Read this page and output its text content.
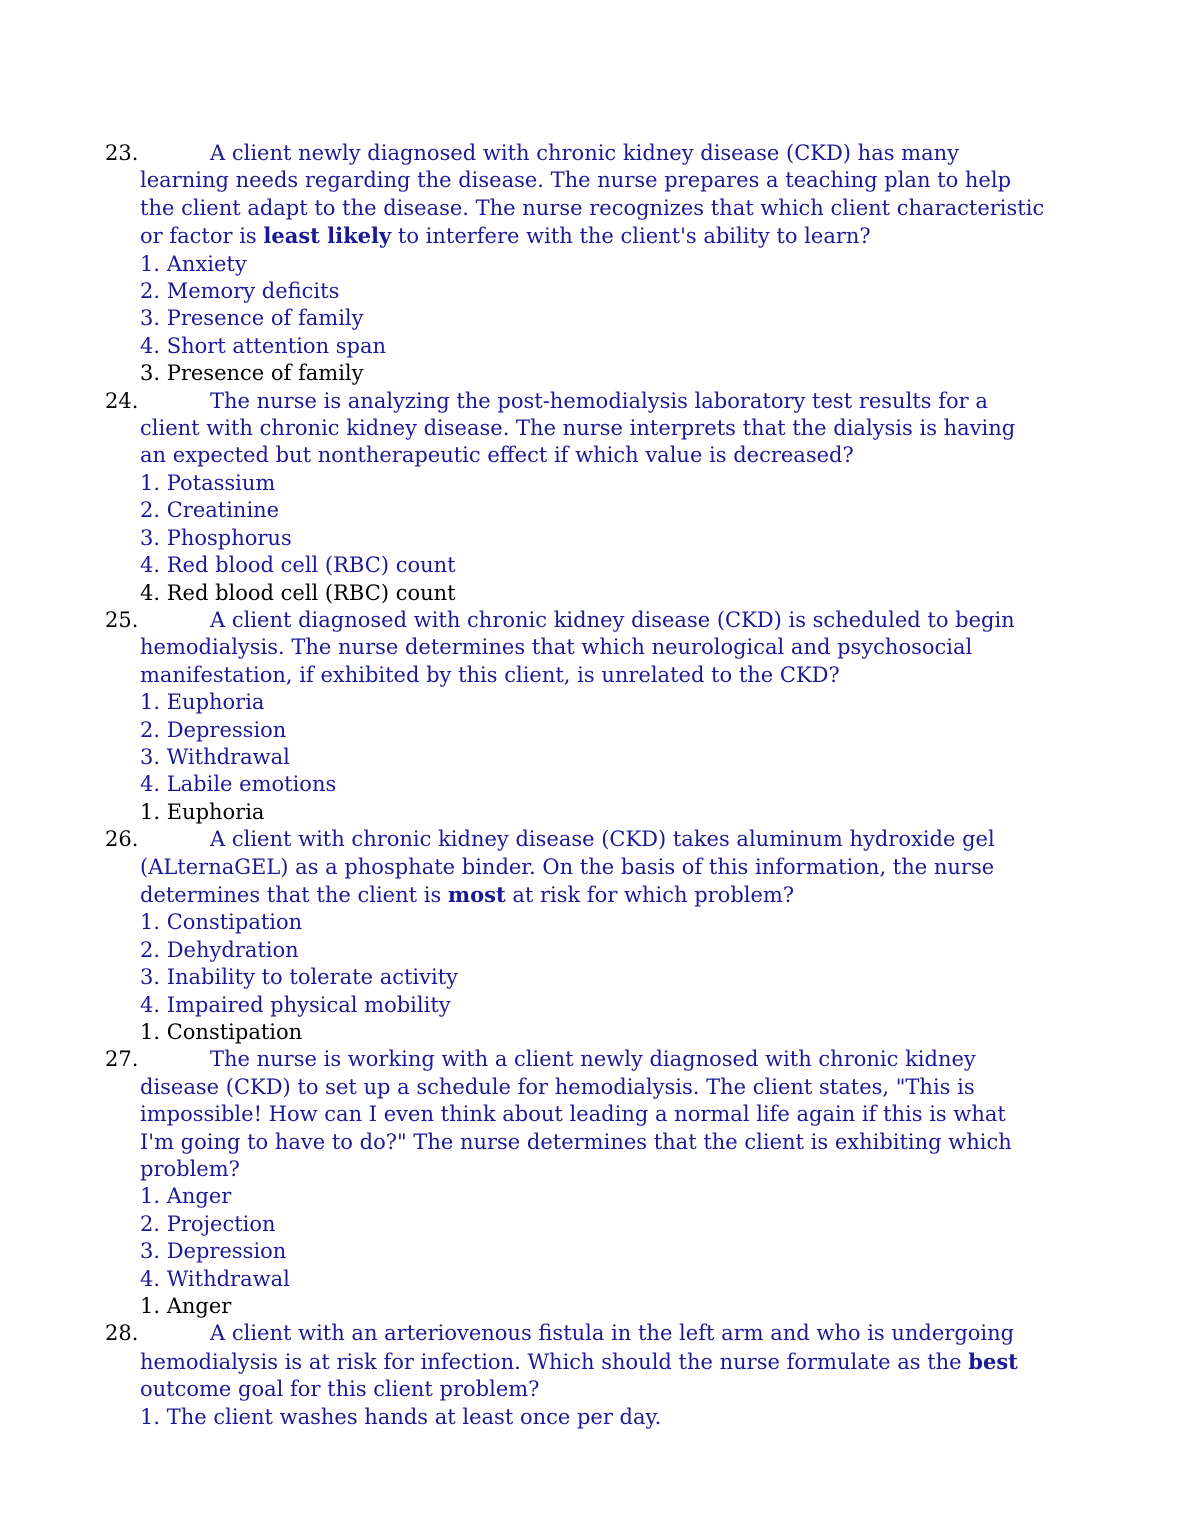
23.	A client newly diagnosed with chronic kidney disease (CKD) has many learning needs regarding the disease. The nurse prepares a teaching plan to help the client adapt to the disease. The nurse recognizes that which client characteristic or factor is least likely to interfere with the client's ability to learn?
1. Anxiety
2. Memory deficits
3. Presence of family
4. Short attention span
3. Presence of family
24.	The nurse is analyzing the post-hemodialysis laboratory test results for a client with chronic kidney disease. The nurse interprets that the dialysis is having an expected but nontherapeutic effect if which value is decreased?
1. Potassium
2. Creatinine
3. Phosphorus
4. Red blood cell (RBC) count
4. Red blood cell (RBC) count
25.	A client diagnosed with chronic kidney disease (CKD) is scheduled to begin hemodialysis. The nurse determines that which neurological and psychosocial manifestation, if exhibited by this client, is unrelated to the CKD?
1. Euphoria
2. Depression
3. Withdrawal
4. Labile emotions
1. Euphoria
26.	A client with chronic kidney disease (CKD) takes aluminum hydroxide gel (ALternaGEL) as a phosphate binder. On the basis of this information, the nurse determines that the client is most at risk for which problem?
1. Constipation
2. Dehydration
3. Inability to tolerate activity
4. Impaired physical mobility
1. Constipation
27.	The nurse is working with a client newly diagnosed with chronic kidney disease (CKD) to set up a schedule for hemodialysis. The client states, "This is impossible! How can I even think about leading a normal life again if this is what I'm going to have to do?" The nurse determines that the client is exhibiting which problem?
1. Anger
2. Projection
3. Depression
4. Withdrawal
1. Anger
28.	A client with an arteriovenous fistula in the left arm and who is undergoing hemodialysis is at risk for infection. Which should the nurse formulate as the best outcome goal for this client problem?
1. The client washes hands at least once per day.
